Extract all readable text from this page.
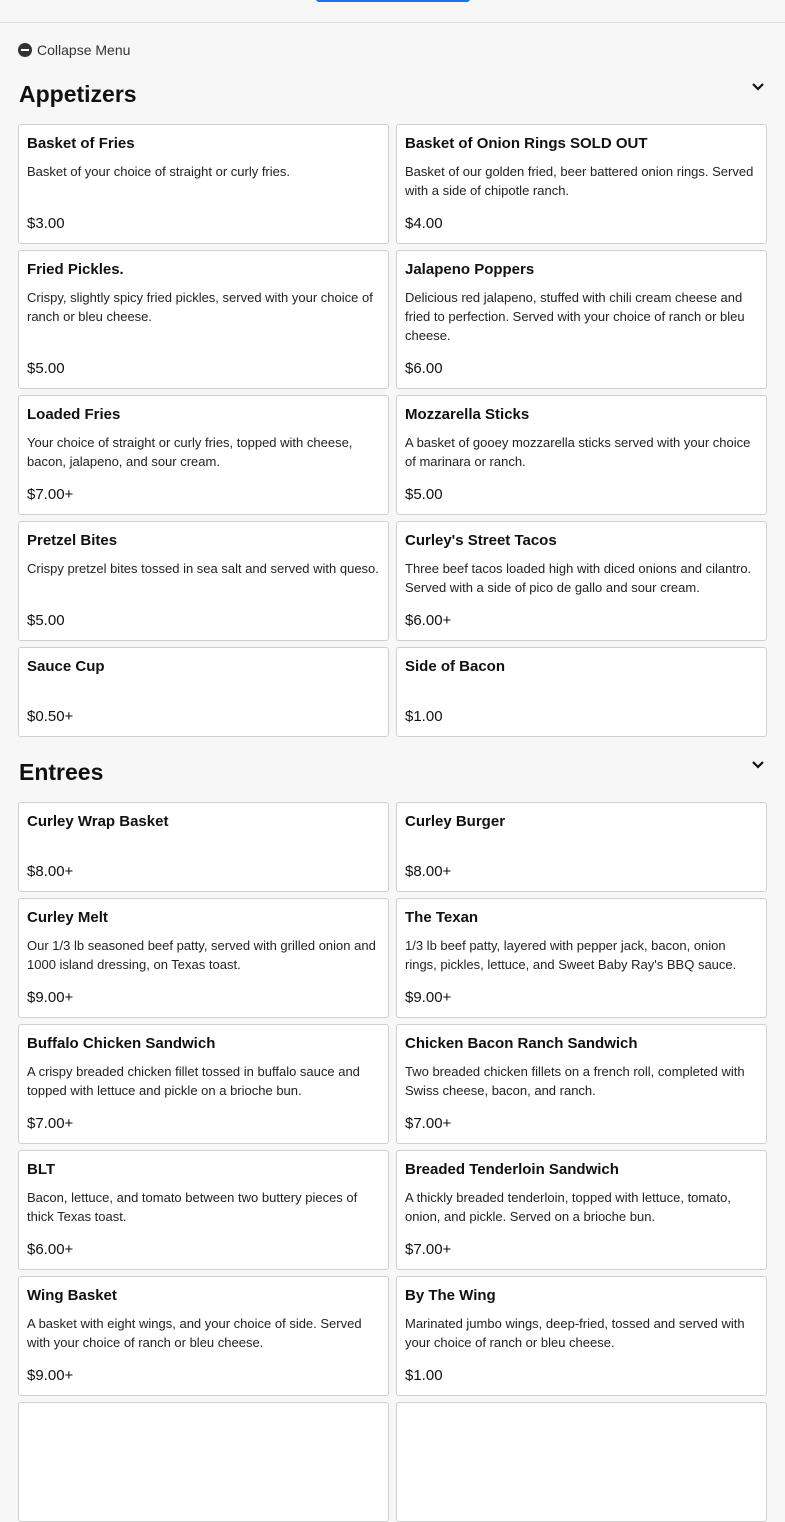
Collapse Menu
Appetizers
Basket of Fries
Basket of your choice of straight or curly fries.
$3.00
Basket of Onion Rings SOLD OUT
Basket of our golden fried, beer battered onion rings. Served with a side of chipotle ranch.
$4.00
Fried Pickles.
Crispy, slightly spicy fried pickles, served with your choice of ranch or bleu cheese.
$5.00
Jalapeno Poppers
Delicious red jalapeno, stuffed with chili cream cheese and fried to perfection. Served with your choice of ranch or bleu cheese.
$6.00
Loaded Fries
Your choice of straight or curly fries, topped with cheese, bacon, jalapeno, and sour cream.
$7.00+
Mozzarella Sticks
A basket of gooey mozzarella sticks served with your choice of marinara or ranch.
$5.00
Pretzel Bites
Crispy pretzel bites tossed in sea salt and served with queso.
$5.00
Curley's Street Tacos
Three beef tacos loaded high with diced onions and cilantro. Served with a side of pico de gallo and sour cream.
$6.00+
Sauce Cup
$0.50+
Side of Bacon
$1.00
Entrees
Curley Wrap Basket
$8.00+
Curley Burger
$8.00+
Curley Melt
Our 1/3 lb seasoned beef patty, served with grilled onion and 1000 island dressing, on Texas toast.
$9.00+
The Texan
1/3 lb beef patty, layered with pepper jack, bacon, onion rings, pickles, lettuce, and Sweet Baby Ray's BBQ sauce.
$9.00+
Buffalo Chicken Sandwich
A crispy breaded chicken fillet tossed in buffalo sauce and topped with lettuce and pickle on a brioche bun.
$7.00+
Chicken Bacon Ranch Sandwich
Two breaded chicken fillets on a french roll, completed with Swiss cheese, bacon, and ranch.
$7.00+
BLT
Bacon, lettuce, and tomato between two buttery pieces of thick Texas toast.
$6.00+
Breaded Tenderloin Sandwich
A thickly breaded tenderloin, topped with lettuce, tomato, onion, and pickle. Served on a brioche bun.
$7.00+
Wing Basket
A basket with eight wings, and your choice of side. Served with your choice of ranch or bleu cheese.
$9.00+
By The Wing
Marinated jumbo wings, deep-fried, tossed and served with your choice of ranch or bleu cheese.
$1.00
